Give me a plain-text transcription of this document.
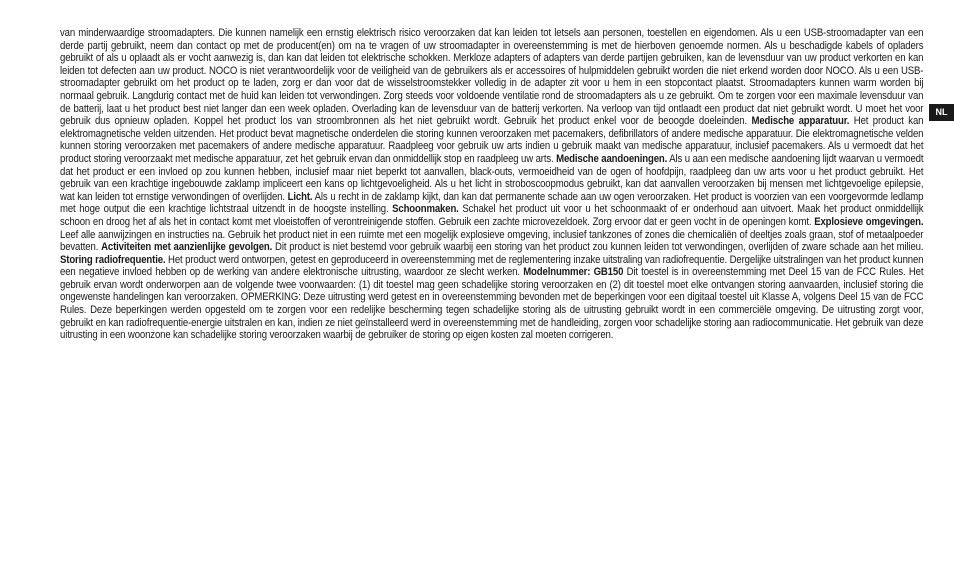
van minderwaardige stroomadapters. Die kunnen namelijk een ernstig elektrisch risico veroorzaken dat kan leiden tot letsels aan personen, toestellen en eigendomen. Als u een USB-stroomadapter van een derde partij gebruikt, neem dan contact op met de producent(en) om na te vragen of uw stroomadapter in overeenstemming is met de hierboven genoemde normen. Als u beschadigde kabels of opladers gebruikt of als u oplaadt als er vocht aanwezig is, dan kan dat leiden tot elektrische schokken. Merkloze adapters of adapters van derde partijen gebruiken, kan de levensduur van uw product verkorten en kan leiden tot defecten aan uw product. NOCO is niet verantwoordelijk voor de veiligheid van de gebruikers als er accessoires of hulpmiddelen gebruikt worden die niet erkend worden door NOCO. Als u een USB-stroomadapter gebruikt om het product op te laden, zorg er dan voor dat de wisselstroomstekker volledig in de adapter zit voor u hem in een stopcontact plaatst. Stroomadapters kunnen warm worden bij normaal gebruik. Langdurig contact met de huid kan leiden tot verwondingen. Zorg steeds voor voldoende ventilatie rond de stroomadapters als u ze gebruikt. Om te zorgen voor een maximale levensduur van de batterij, laat u het product best niet langer dan een week opladen. Overlading kan de levensduur van de batterij verkorten. Na verloop van tijd ontlaadt een product dat niet gebruikt wordt. U moet het voor gebruik dus opnieuw opladen. Koppel het product los van stroombronnen als het niet gebruikt wordt. Gebruik het product enkel voor de beoogde doeleinden. Medische apparatuur. Het product kan elektromagnetische velden uitzenden. Het product bevat magnetische onderdelen die storing kunnen veroorzaken met pacemakers, defibrillators of andere medische apparatuur. Die elektromagnetische velden kunnen storing veroorzaken met pacemakers of andere medische apparatuur. Raadpleeg voor gebruik uw arts indien u gebruik maakt van medische apparatuur, inclusief pacemakers. Als u vermoedt dat het product storing veroorzaakt met medische apparatuur, zet het gebruik ervan dan onmiddellijk stop en raadpleeg uw arts. Medische aandoeningen. Als u aan een medische aandoening lijdt waarvan u vermoedt dat het product er een invloed op zou kunnen hebben, inclusief maar niet beperkt tot aanvallen, black-outs, vermoeidheid van de ogen of hoofdpijn, raadpleeg dan uw arts voor u het product gebruikt. Het gebruik van een krachtige ingebouwde zaklamp impliceert een kans op lichtgevoeligheid. Als u het licht in stroboscoopmodus gebruikt, kan dat aanvallen veroorzaken bij mensen met lichtgevoelige epilepsie, wat kan leiden tot ernstige verwondingen of overlijden. Licht. Als u recht in de zaklamp kijkt, dan kan dat permanente schade aan uw ogen veroorzaken. Het product is voorzien van een voorgevormde ledlamp met hoge output die een krachtige lichtstraal uitzendt in de hoogste instelling. Schoonmaken. Schakel het product uit voor u het schoonmaakt of er onderhoud aan uitvoert. Maak het product onmiddellijk schoon en droog het af als het in contact komt met vloeistoffen of verontreinigende stoffen. Gebruik een zachte microvezeldoek. Zorg ervoor dat er geen vocht in de openingen komt. Explosieve omgevingen. Leef alle aanwijzingen en instructies na. Gebruik het product niet in een ruimte met een mogelijk explosieve omgeving, inclusief tankzones of zones die chemicaliën of deeltjes zoals graan, stof of metaalpoeder bevatten. Activiteiten met aanzienlijke gevolgen. Dit product is niet bestemd voor gebruik waarbij een storing van het product zou kunnen leiden tot verwondingen, overlijden of zware schade aan het milieu. Storing radiofrequentie. Het product werd ontworpen, getest en geproduceerd in overeenstemming met de reglementering inzake uitstraling van radiofrequentie. Dergelijke uitstralingen van het product kunnen een negatieve invloed hebben op de werking van andere elektronische uitrusting, waardoor ze slecht werken. Modelnummer: GB150 Dit toestel is in overeenstemming met Deel 15 van de FCC Rules. Het gebruik ervan wordt onderworpen aan de volgende twee voorwaarden: (1) dit toestel mag geen schadelijke storing veroorzaken en (2) dit toestel moet elke ontvangen storing aanvaarden, inclusief storing die ongewenste handelingen kan veroorzaken. OPMERKING: Deze uitrusting werd getest en in overeenstemming bevonden met de beperkingen voor een digitaal toestel uit Klasse A, volgens Deel 15 van de FCC Rules. Deze beperkingen werden opgesteld om te zorgen voor een redelijke bescherming tegen schadelijke storing als de uitrusting gebruikt wordt in een commerciële omgeving. De uitrusting zorgt voor, gebruikt en kan radiofrequentie-energie uitstralen en kan, indien ze niet geïnstalleerd werd in overeenstemming met de handleiding, zorgen voor schadelijke storing aan radiocommunicatie. Het gebruik van deze uitrusting in een woonzone kan schadelijke storing veroorzaken waarbij de gebruiker de storing op eigen kosten zal moeten corrigeren.
NL
